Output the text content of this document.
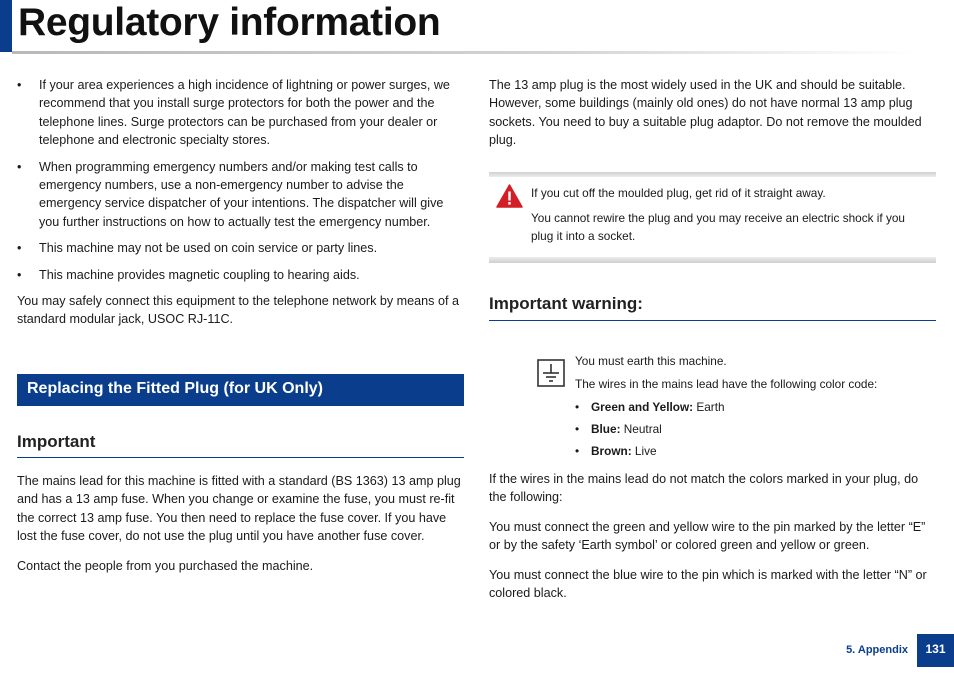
Regulatory information
• If your area experiences a high incidence of lightning or power surges, we recommend that you install surge protectors for both the power and the telephone lines. Surge protectors can be purchased from your dealer or telephone and electronic specialty stores.
• When programming emergency numbers and/or making test calls to emergency numbers, use a non-emergency number to advise the emergency service dispatcher of your intentions. The dispatcher will give you further instructions on how to actually test the emergency number.
• This machine may not be used on coin service or party lines.
• This machine provides magnetic coupling to hearing aids.

You may safely connect this equipment to the telephone network by means of a standard modular jack, USOC RJ-11C.

Replacing the Fitted Plug (for UK Only)
Important

The mains lead for this machine is fitted with a standard (BS 1363) 13 amp plug and has a 13 amp fuse. When you change or examine the fuse, you must re-fit the correct 13 amp fuse. You then need to replace the fuse cover. If you have lost the fuse cover, do not use the plug until you have another fuse cover.

Contact the people from you purchased the machine.

The 13 amp plug is the most widely used in the UK and should be suitable. However, some buildings (mainly old ones) do not have normal 13 amp plug sockets. You need to buy a suitable plug adaptor. Do not remove the moulded plug.

If you cut off the moulded plug, get rid of it straight away.
You cannot rewire the plug and you may receive an electric shock if you plug it into a socket.
Important warning:
You must earth this machine.
The wires in the mains lead have the following color code:
• Green and Yellow: Earth
• Blue: Neutral
• Brown: Live

If the wires in the mains lead do not match the colors marked in your plug, do the following:

You must connect the green and yellow wire to the pin marked by the letter “E” or by the safety ‘Earth symbol’ or colored green and yellow or green.

You must connect the blue wire to the pin which is marked with the letter “N” or colored black.

5. Appendix	131
